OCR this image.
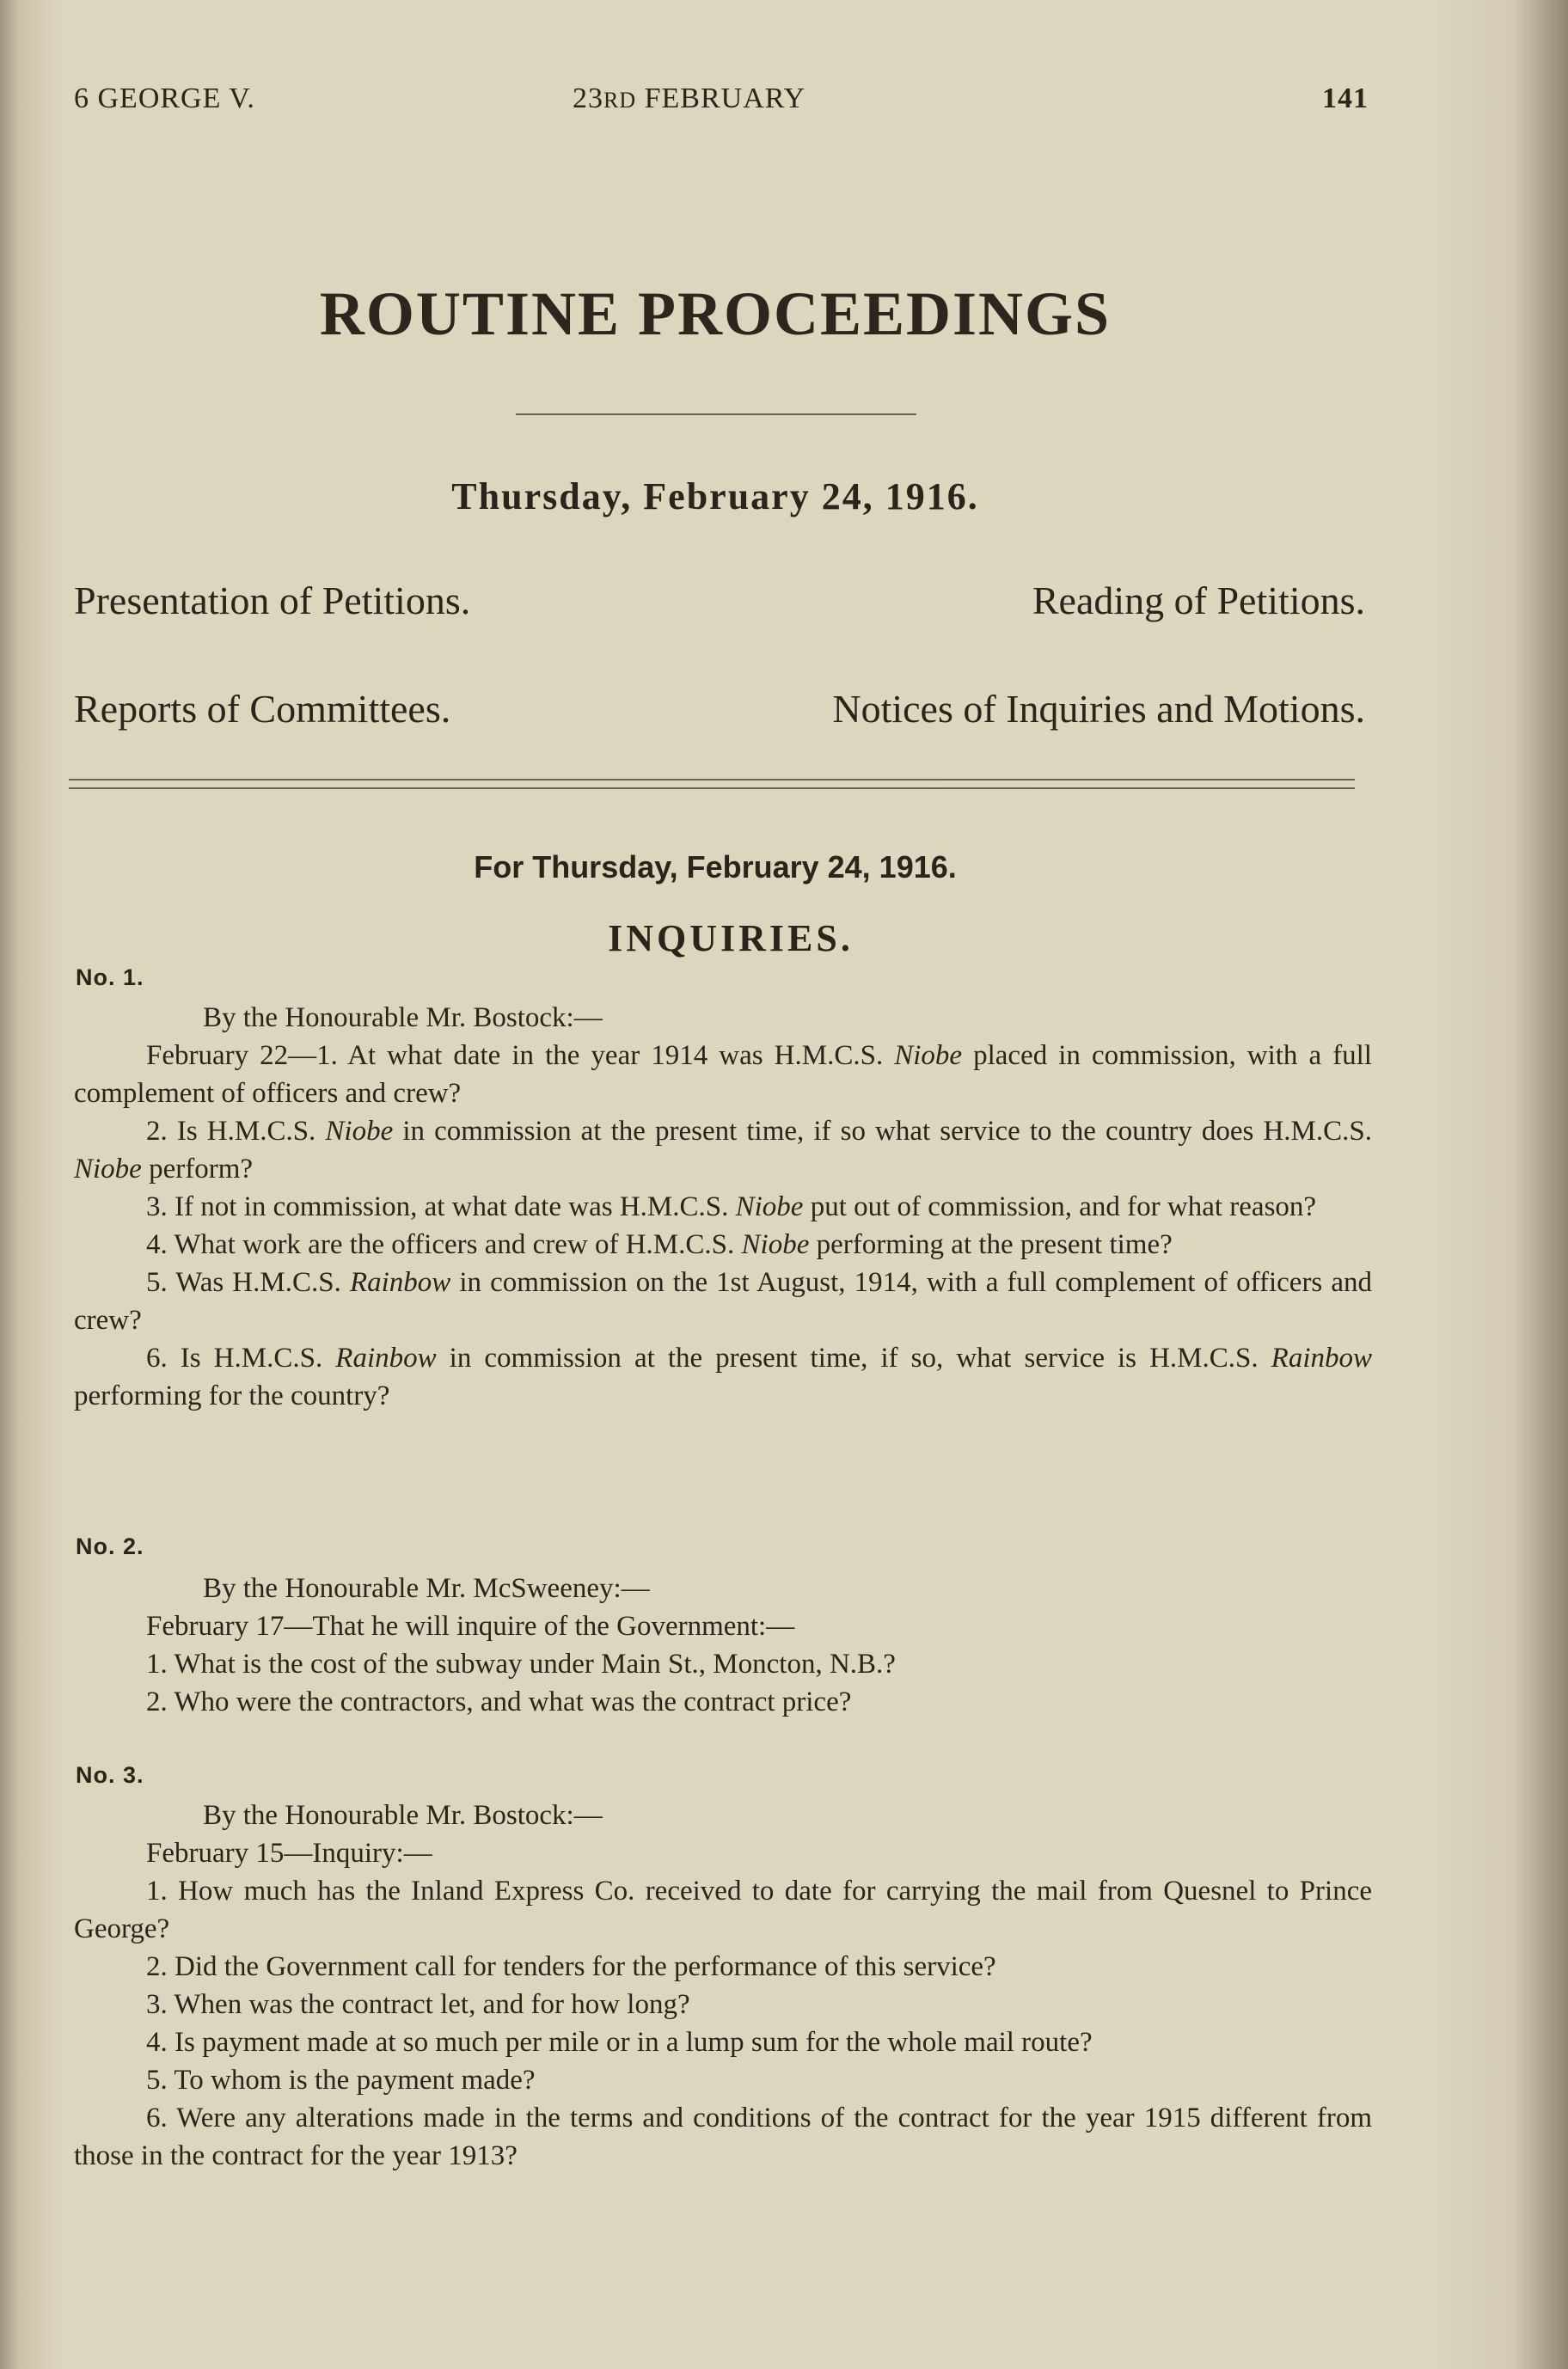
6 GEORGE V.	23RD FEBRUARY	141
ROUTINE PROCEEDINGS
Thursday, February 24, 1916.
Presentation of Petitions.	Reading of Petitions.
Reports of Committees.	Notices of Inquiries and Motions.
For Thursday, February 24, 1916.
INQUIRIES.
No. 1.

By the Honourable Mr. Bostock:—

February 22—1. At what date in the year 1914 was H.M.C.S. Niobe placed in commission, with a full complement of officers and crew?

2. Is H.M.C.S. Niobe in commission at the present time, if so what service to the country does H.M.C.S. Niobe perform?

3. If not in commission, at what date was H.M.C.S. Niobe put out of commission, and for what reason?

4. What work are the officers and crew of H.M.C.S. Niobe performing at the present time?

5. Was H.M.C.S. Rainbow in commission on the 1st August, 1914, with a full complement of officers and crew?

6. Is H.M.C.S. Rainbow in commission at the present time, if so, what service is H.M.C.S. Rainbow performing for the country?

No. 2.

By the Honourable Mr. McSweeney:—

February 17—That he will inquire of the Government:—

1. What is the cost of the subway under Main St., Moncton, N.B.?

2. Who were the contractors, and what was the contract price?

No. 3.

By the Honourable Mr. Bostock:—

February 15—Inquiry:—

1. How much has the Inland Express Co. received to date for carrying the mail from Quesnel to Prince George?

2. Did the Government call for tenders for the performance of this service?

3. When was the contract let, and for how long?

4. Is payment made at so much per mile or in a lump sum for the whole mail route?

5. To whom is the payment made?

6. Were any alterations made in the terms and conditions of the contract for the year 1915 different from those in the contract for the year 1913?
